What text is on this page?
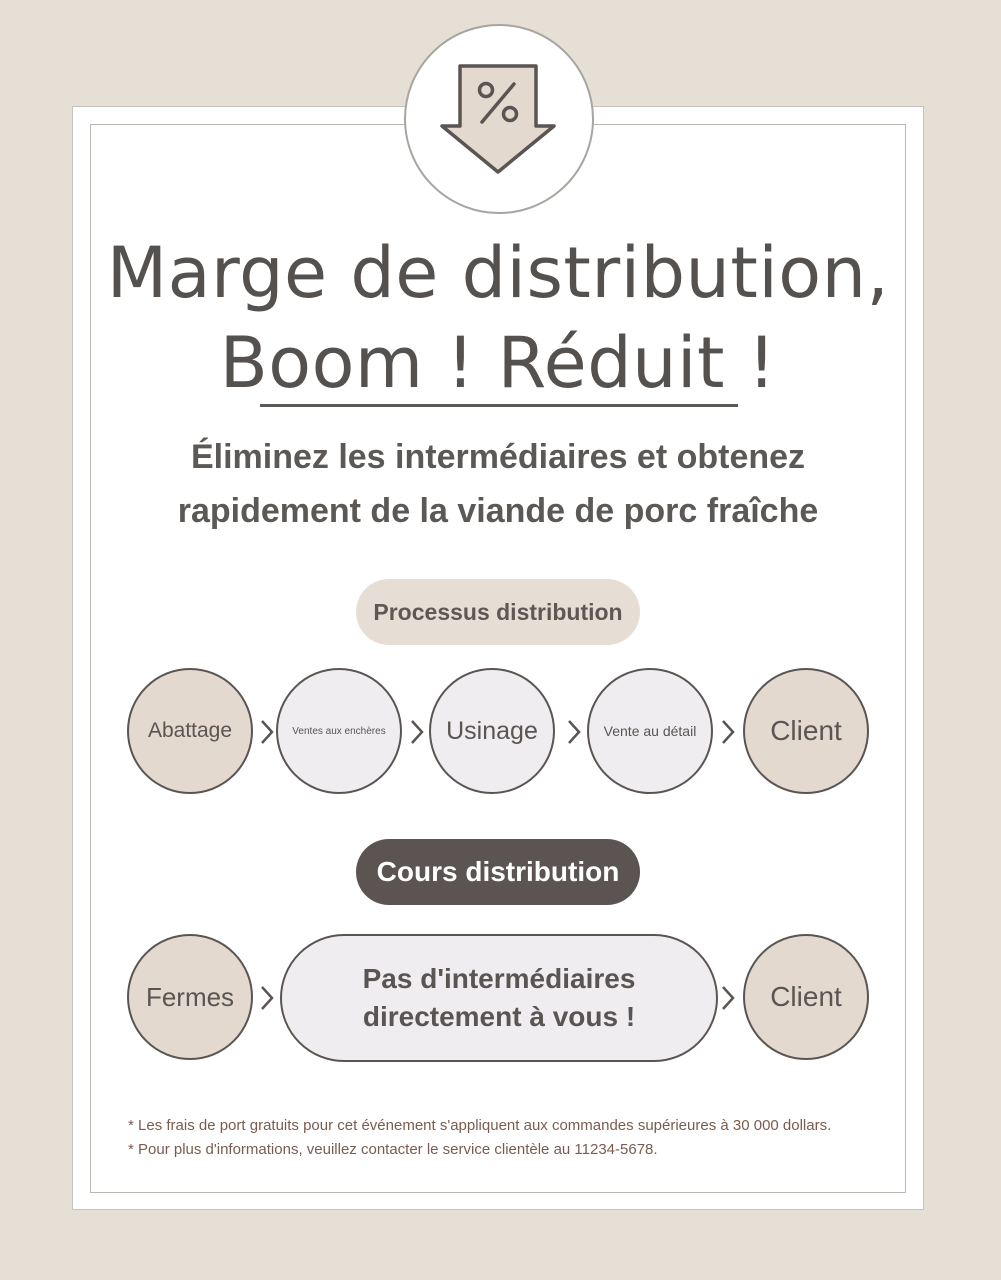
Marge de distribution,
Boom ! Réduit !
Éliminez les intermédiaires et obtenez
rapidement de la viande de porc fraîche
Processus distribution
Abattage	Ventes aux enchères	Usinage	Vente au détail	Client
Cours distribution
Fermes
Pas d'intermédiaires
directement à vous !
Client
* Les frais de port gratuits pour cet événement s'appliquent aux commandes supérieures à 30 000 dollars.
* Pour plus d'informations, veuillez contacter le service clientèle au 11234-5678.
